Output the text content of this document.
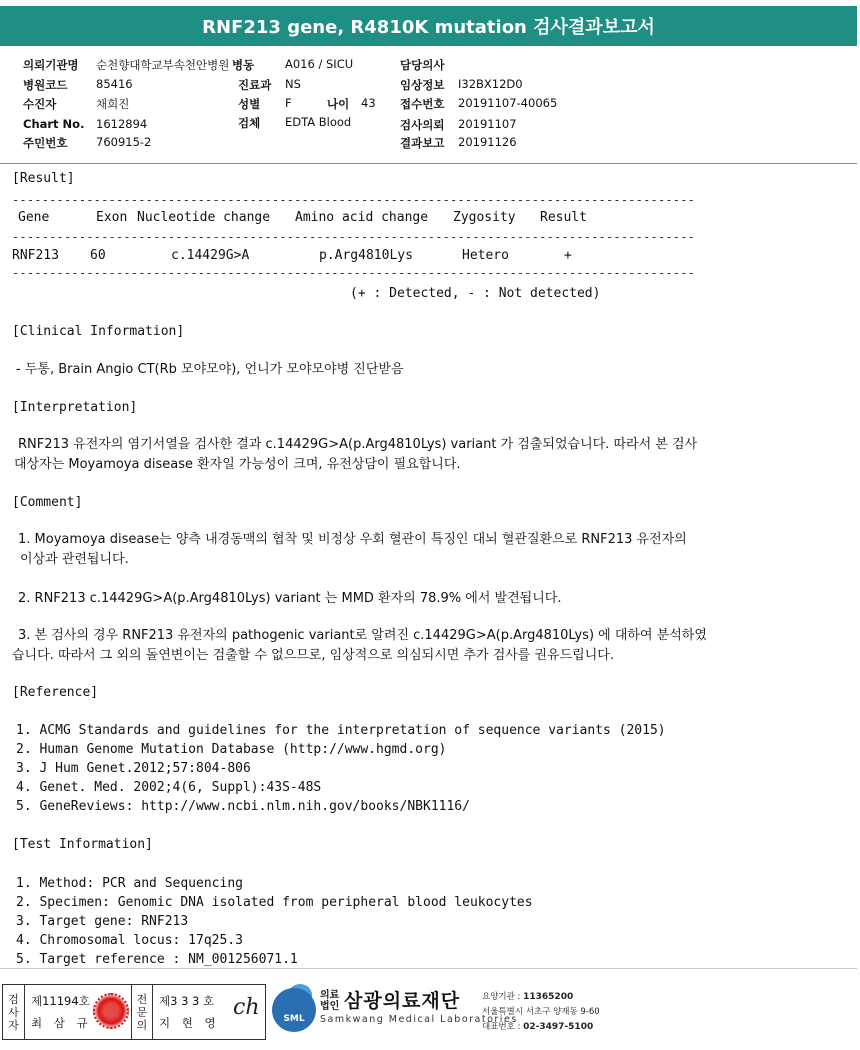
RNF213 gene, R4810K mutation 검사결과보고서
의뢰기관명 순천향대학교부속천안병원 병동	A016 / SICU	담당의사
병원코드 85416	진료과 NS	임상정보 I32BX12D0
수진자	채희진	성별 F	나이 43 접수번호 20191107-40065
Chart No. 1612894	검체 EDTA Blood	검사의뢰 20191107
주민번호 760915-2	결과보고 20191126
[Result]
--------------------------------------------------------------------------------------------
Gene	Exon Nucleotide change Amino acid change Zygosity Result
--------------------------------------------------------------------------------------------
RNF213 60	c.14429G>A	p.Arg4810Lys	Hetero	+
--------------------------------------------------------------------------------------------
(+ : Detected, - : Not detected)
[Clinical Information]
- 두통, Brain Angio CT(Rb 모야모야), 언니가 모야모야병 진단받음
[Interpretation]
RNF213 유전자의 염기서열을 검사한 결과 c.14429G>A(p.Arg4810Lys) variant 가 검출되었습니다. 따라서 본 검사
대상자는 Moyamoya disease 환자일 가능성이 크며, 유전상담이 필요합니다.
[Comment]
1. Moyamoya disease는 양측 내경동맥의 협착 및 비정상 우회 혈관이 특징인 대뇌 혈관질환으로 RNF213 유전자의
이상과 관련됩니다.
2. RNF213 c.14429G>A(p.Arg4810Lys) variant 는 MMD 환자의 78.9% 에서 발견됩니다.
3. 본 검사의 경우 RNF213 유전자의 pathogenic variant로 알려진 c.14429G>A(p.Arg4810Lys) 에 대하여 분석하였
습니다. 따라서 그 외의 돌연변이는 검출할 수 없으므로, 임상적으로 의심되시면 추가 검사를 권유드립니다.
[Reference]
1. ACMG Standards and guidelines for the interpretation of sequence variants (2015)
2. Human Genome Mutation Database (http://www.hgmd.org)
3. J Hum Genet.2012;57:804-806
4. Genet. Med. 2002;4(6, Suppl):43S-48S
5. GeneReviews: http://www.ncbi.nlm.nih.gov/books/NBK1116/
[Test Information]
1. Method: PCR and Sequencing
2. Specimen: Genomic DNA isolated from peripheral blood leukocytes
3. Target gene: RNF213
4. Chromosomal locus: 17q25.3
5. Target reference : NM_001256071.1
검
사
자
제11194호
최 삼 규
전
문
의
제3 3 3 호
지 현 영
ch	SML
의료
법인 삼광의료재단
Samkwang Medical Laboratories
요양기관 : 11365200
서울특별시 서초구 양재동 9-60
대표번호 : 02-3497-5100
